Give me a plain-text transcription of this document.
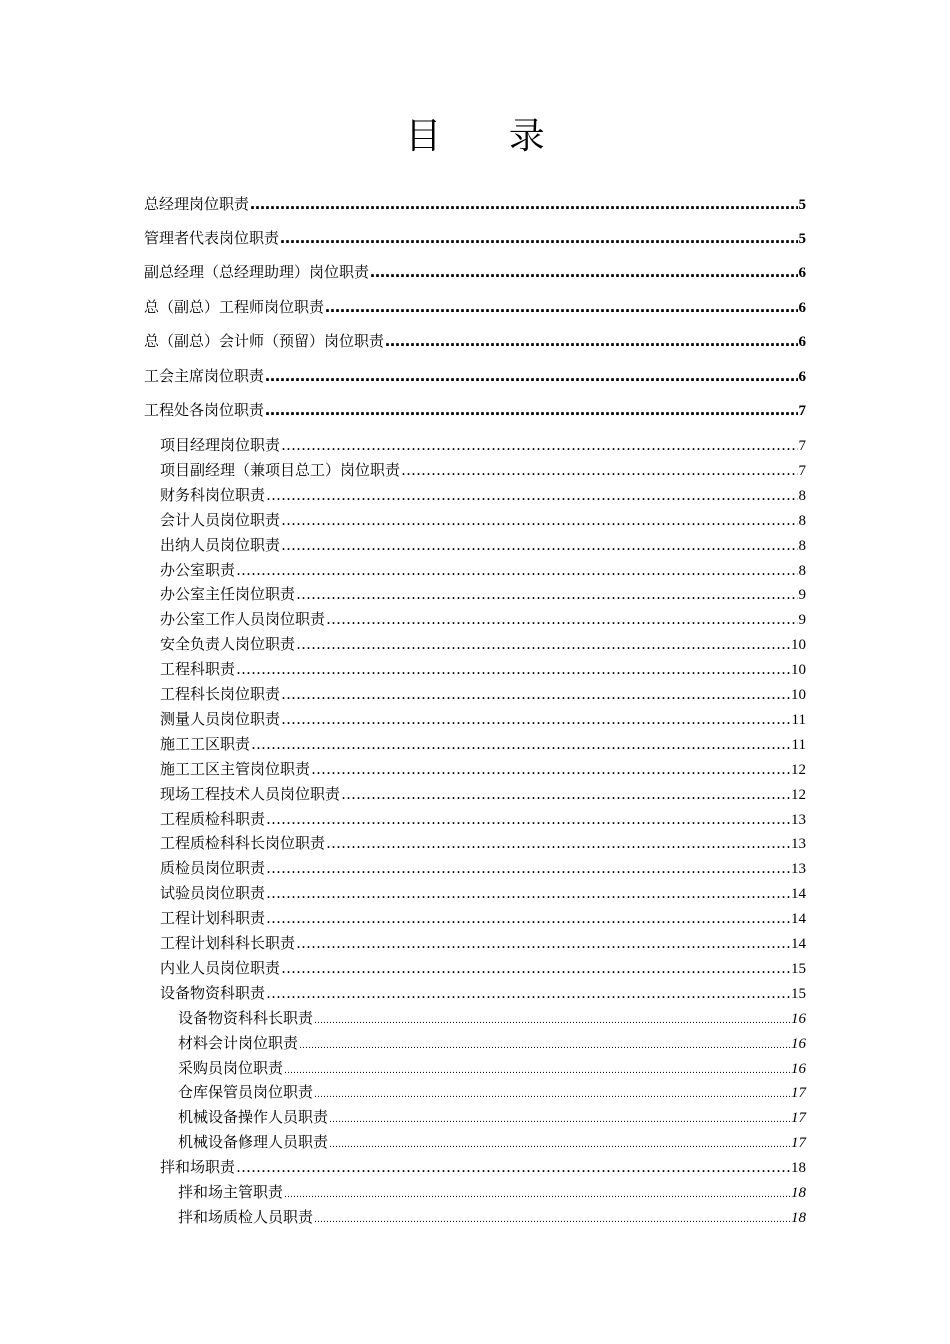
目 录
总经理岗位职责 ……………………………………………………………………………………………………………………………………………………………………………………………………………………	5
管理者代表岗位职责 ……………………………………………………………………………………………………………………………………………………………………………………………………………………	5
副总经理（总经理助理）岗位职责 ……………………………………………………………………………………………………………………………………………………………………………………………………………………	6
总（副总）工程师岗位职责 ……………………………………………………………………………………………………………………………………………………………………………………………………………………	6
总（副总）会计师（预留）岗位职责 ……………………………………………………………………………………………………………………………………………………………………………………………………………………	6
工会主席岗位职责 ……………………………………………………………………………………………………………………………………………………………………………………………………………………	6
工程处各岗位职责 ……………………………………………………………………………………………………………………………………………………………………………………………………………………	7
项目经理岗位职责 ……………………………………………………………………………………………………………………………………………………………………………………………………………………	7
项目副经理（兼项目总工）岗位职责 ……………………………………………………………………………………………………………………………………………………………………………………………………………………	7
财务科岗位职责 ……………………………………………………………………………………………………………………………………………………………………………………………………………………	8
会计人员岗位职责 ……………………………………………………………………………………………………………………………………………………………………………………………………………………	8
出纳人员岗位职责 ……………………………………………………………………………………………………………………………………………………………………………………………………………………	8
办公室职责 ……………………………………………………………………………………………………………………………………………………………………………………………………………………	8
办公室主任岗位职责 ……………………………………………………………………………………………………………………………………………………………………………………………………………………	9
办公室工作人员岗位职责 ……………………………………………………………………………………………………………………………………………………………………………………………………………………	9
安全负责人岗位职责 ……………………………………………………………………………………………………………………………………………………………………………………………………………………	10
工程科职责 ……………………………………………………………………………………………………………………………………………………………………………………………………………………	10
工程科长岗位职责 ……………………………………………………………………………………………………………………………………………………………………………………………………………………	10
测量人员岗位职责 ……………………………………………………………………………………………………………………………………………………………………………………………………………………	11
施工工区职责 ……………………………………………………………………………………………………………………………………………………………………………………………………………………	11
施工工区主管岗位职责 ……………………………………………………………………………………………………………………………………………………………………………………………………………………	12
现场工程技术人员岗位职责 ……………………………………………………………………………………………………………………………………………………………………………………………………………………	12
工程质检科职责 ……………………………………………………………………………………………………………………………………………………………………………………………………………………	13
工程质检科科长岗位职责 ……………………………………………………………………………………………………………………………………………………………………………………………………………………	13
质检员岗位职责 ……………………………………………………………………………………………………………………………………………………………………………………………………………………	13
试验员岗位职责 ……………………………………………………………………………………………………………………………………………………………………………………………………………………	14
工程计划科职责 ……………………………………………………………………………………………………………………………………………………………………………………………………………………	14
工程计划科科长职责 ……………………………………………………………………………………………………………………………………………………………………………………………………………………	14
内业人员岗位职责 ……………………………………………………………………………………………………………………………………………………………………………………………………………………	15
设备物资科职责 ……………………………………………………………………………………………………………………………………………………………………………………………………………………	15
设备物资科科长职责 ……………………………………………………………………………………………………………………………………………………………………………………………………………………	16
材料会计岗位职责 ……………………………………………………………………………………………………………………………………………………………………………………………………………………	16
采购员岗位职责 ……………………………………………………………………………………………………………………………………………………………………………………………………………………	16
仓库保管员岗位职责 ……………………………………………………………………………………………………………………………………………………………………………………………………………………	17
机械设备操作人员职责 ……………………………………………………………………………………………………………………………………………………………………………………………………………………	17
机械设备修理人员职责 ……………………………………………………………………………………………………………………………………………………………………………………………………………………	17
拌和场职责 ……………………………………………………………………………………………………………………………………………………………………………………………………………………	18
拌和场主管职责 ……………………………………………………………………………………………………………………………………………………………………………………………………………………	18
拌和场质检人员职责 ……………………………………………………………………………………………………………………………………………………………………………………………………………………	18
